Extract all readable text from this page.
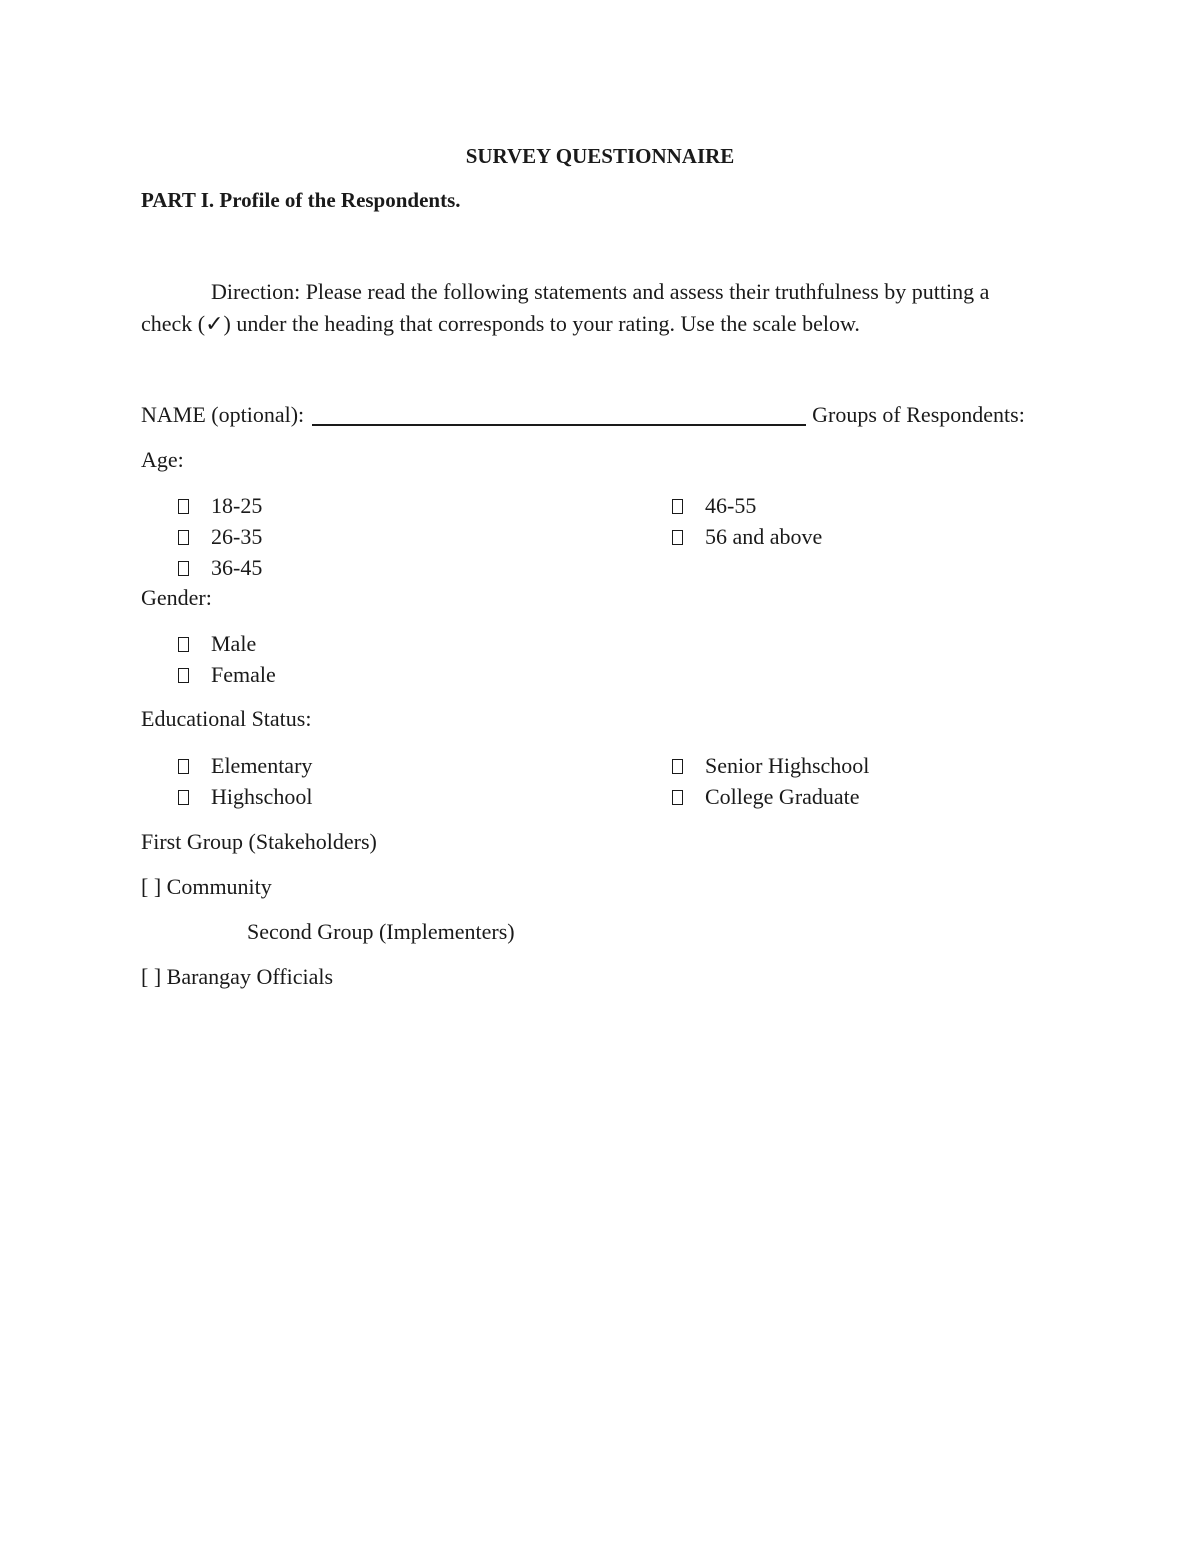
SURVEY QUESTIONNAIRE
PART I. Profile of the Respondents.
Direction: Please read the following statements and assess their truthfulness by putting a
check (✓) under the heading that corresponds to your rating. Use the scale below.
NAME (optional):	Groups of Respondents:
Age:
18-25
26-35
36-45
46-55
56 and above
Gender:
Male
Female
Educational Status:
Elementary
Highschool
Senior Highschool
College Graduate
First Group (Stakeholders)
[ ] Community
Second Group (Implementers)
[ ] Barangay Officials
